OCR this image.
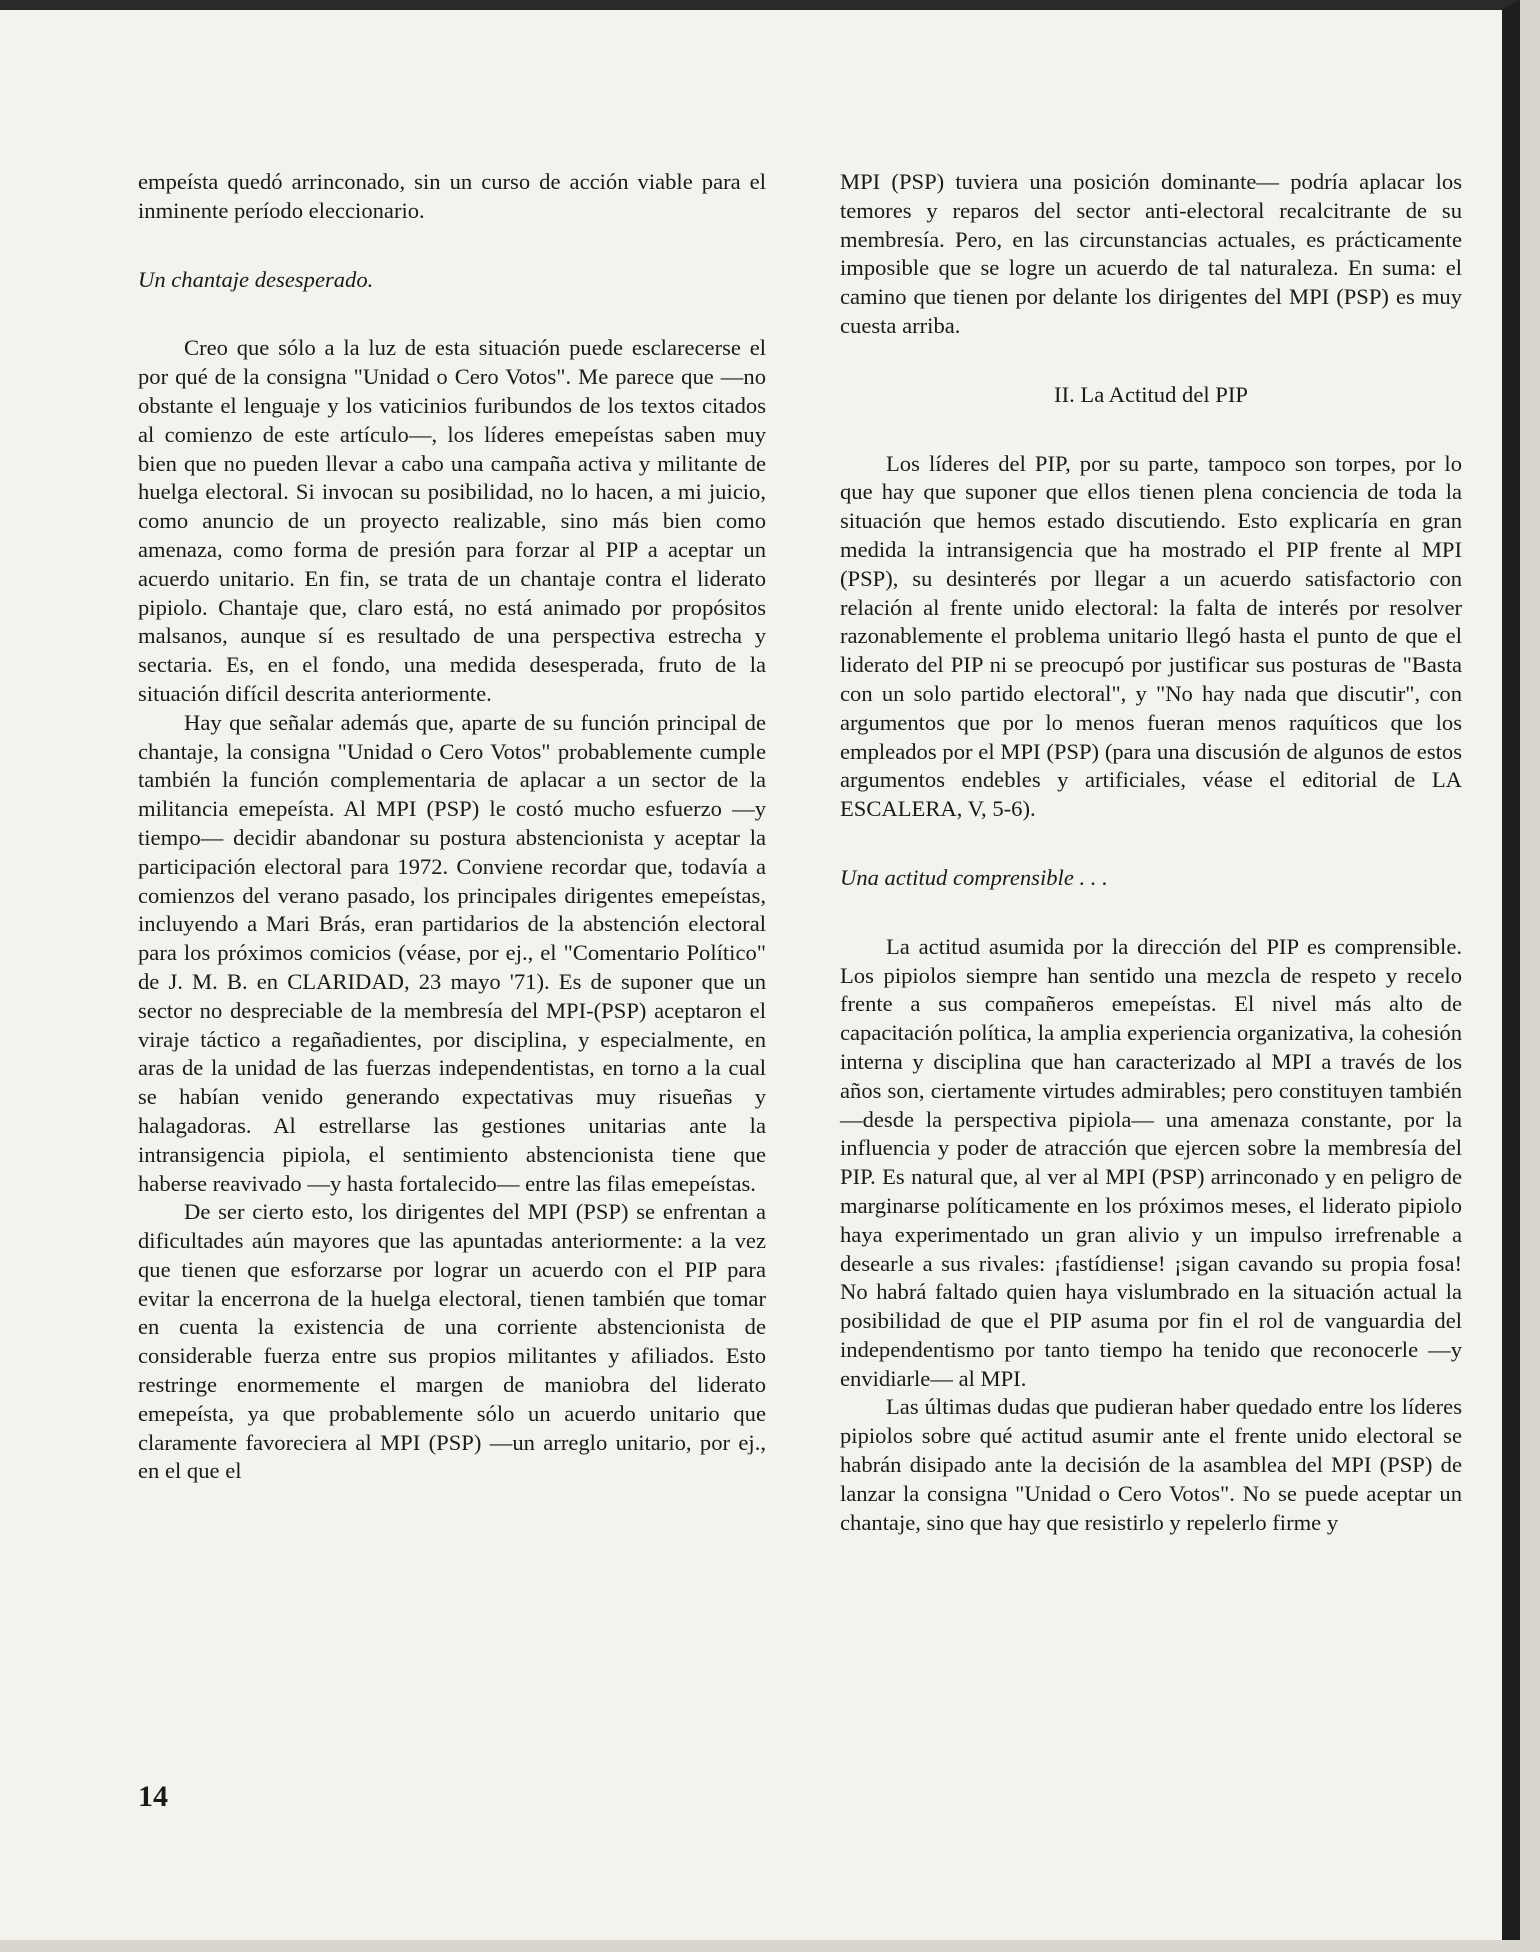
empeísta quedó arrinconado, sin un curso de acción viable para el inminente período eleccionario.

Un chantaje desesperado.

Creo que sólo a la luz de esta situación puede esclarecerse el por qué de la consigna "Unidad o Cero Votos". Me parece que —no obstante el lenguaje y los vaticinios furibundos de los textos citados al comienzo de este artículo—, los líderes emepeístas saben muy bien que no pueden llevar a cabo una campaña activa y militante de huelga electoral. Si invocan su posibilidad, no lo hacen, a mi juicio, como anuncio de un proyecto realizable, sino más bien como amenaza, como forma de presión para forzar al PIP a aceptar un acuerdo unitario. En fin, se trata de un chantaje contra el liderato pipiolo. Chantaje que, claro está, no está animado por propósitos malsanos, aunque sí es resultado de una perspectiva estrecha y sectaria. Es, en el fondo, una medida desesperada, fruto de la situación difícil descrita anteriormente.

Hay que señalar además que, aparte de su función principal de chantaje, la consigna "Unidad o Cero Votos" probablemente cumple también la función complementaria de aplacar a un sector de la militancia emepeísta. Al MPI (PSP) le costó mucho esfuerzo —y tiempo— decidir abandonar su postura abstencionista y aceptar la participación electoral para 1972. Conviene recordar que, todavía a comienzos del verano pasado, los principales dirigentes emepeístas, incluyendo a Mari Brás, eran partidarios de la abstención electoral para los próximos comicios (véase, por ej., el "Comentario Político" de J. M. B. en CLARIDAD, 23 mayo '71). Es de suponer que un sector no despreciable de la membresía del MPI-(PSP) aceptaron el viraje táctico a regañadientes, por disciplina, y especialmente, en aras de la unidad de las fuerzas independentistas, en torno a la cual se habían venido generando expectativas muy risueñas y halagadoras. Al estrellarse las gestiones unitarias ante la intransigencia pipiola, el sentimiento abstencionista tiene que haberse reavivado —y hasta fortalecido— entre las filas emepeístas.

De ser cierto esto, los dirigentes del MPI (PSP) se enfrentan a dificultades aún mayores que las apuntadas anteriormente: a la vez que tienen que esforzarse por lograr un acuerdo con el PIP para evitar la encerrona de la huelga electoral, tienen también que tomar en cuenta la existencia de una corriente abstencionista de considerable fuerza entre sus propios militantes y afiliados. Esto restringe enormemente el margen de maniobra del liderato emepeísta, ya que probablemente sólo un acuerdo unitario que claramente favoreciera al MPI (PSP) —un arreglo unitario, por ej., en el que el

MPI (PSP) tuviera una posición dominante— podría aplacar los temores y reparos del sector anti-electoral recalcitrante de su membresía. Pero, en las circunstancias actuales, es prácticamente imposible que se logre un acuerdo de tal naturaleza. En suma: el camino que tienen por delante los dirigentes del MPI (PSP) es muy cuesta arriba.

II. La Actitud del PIP

Los líderes del PIP, por su parte, tampoco son torpes, por lo que hay que suponer que ellos tienen plena conciencia de toda la situación que hemos estado discutiendo. Esto explicaría en gran medida la intransigencia que ha mostrado el PIP frente al MPI (PSP), su desinterés por llegar a un acuerdo satisfactorio con relación al frente unido electoral: la falta de interés por resolver razonablemente el problema unitario llegó hasta el punto de que el liderato del PIP ni se preocupó por justificar sus posturas de "Basta con un solo partido electoral", y "No hay nada que discutir", con argumentos que por lo menos fueran menos raquíticos que los empleados por el MPI (PSP) (para una discusión de algunos de estos argumentos endebles y artificiales, véase el editorial de LA ESCALERA, V, 5-6).

Una actitud comprensible . . .

La actitud asumida por la dirección del PIP es comprensible. Los pipiolos siempre han sentido una mezcla de respeto y recelo frente a sus compañeros emepeístas. El nivel más alto de capacitación política, la amplia experiencia organizativa, la cohesión interna y disciplina que han caracterizado al MPI a través de los años son, ciertamente virtudes admirables; pero constituyen también —desde la perspectiva pipiola— una amenaza constante, por la influencia y poder de atracción que ejercen sobre la membresía del PIP. Es natural que, al ver al MPI (PSP) arrinconado y en peligro de marginarse políticamente en los próximos meses, el liderato pipiolo haya experimentado un gran alivio y un impulso irrefrenable a desearle a sus rivales: ¡fastídiense! ¡sigan cavando su propia fosa! No habrá faltado quien haya vislumbrado en la situación actual la posibilidad de que el PIP asuma por fin el rol de vanguardia del independentismo por tanto tiempo ha tenido que reconocerle —y envidiarle— al MPI.

Las últimas dudas que pudieran haber quedado entre los líderes pipiolos sobre qué actitud asumir ante el frente unido electoral se habrán disipado ante la decisión de la asamblea del MPI (PSP) de lanzar la consigna "Unidad o Cero Votos". No se puede aceptar un chantaje, sino que hay que resistirlo y repelerlo firme y

14
